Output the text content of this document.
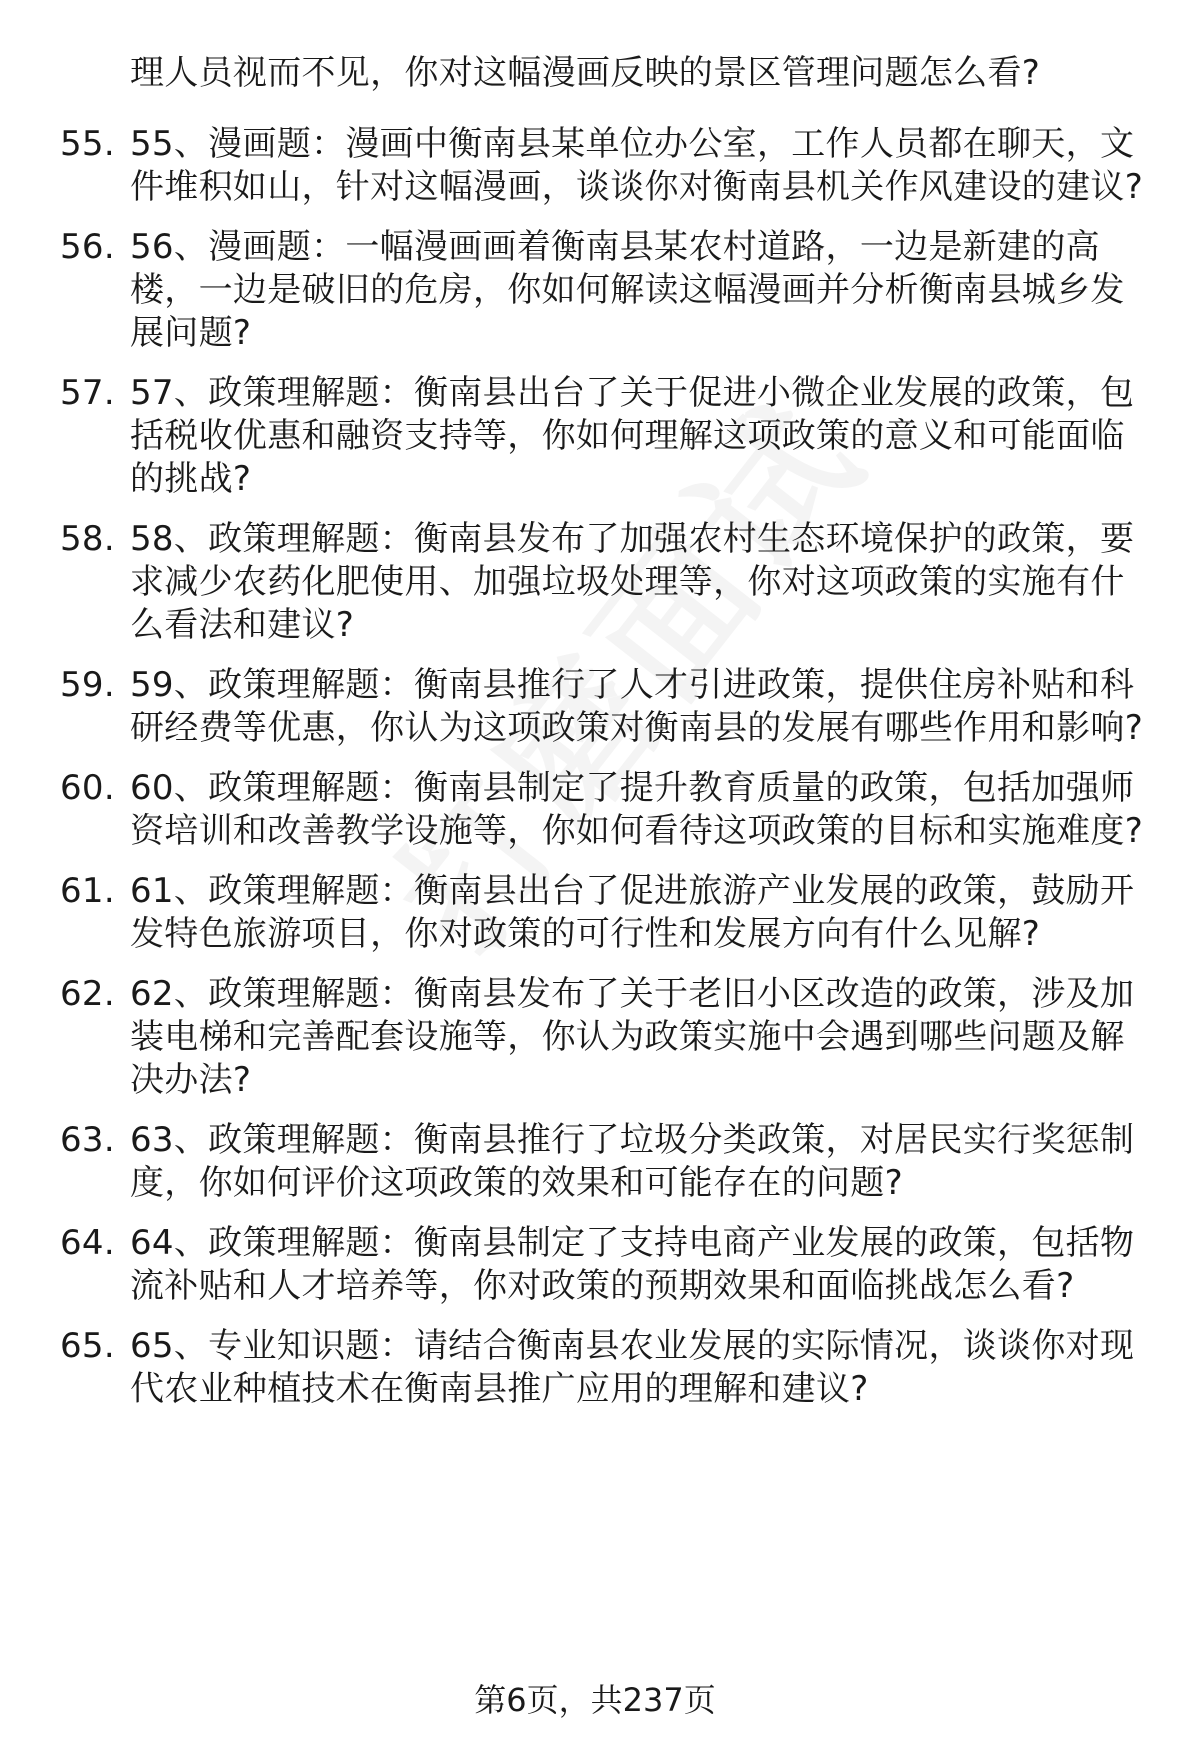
理人员视而不见，你对这幅漫画反映的景区管理问题怎么看?
55. 55、漫画题：漫画中衡南县某单位办公室，工作人员都在聊天，文件堆积如山，针对这幅漫画，谈谈你对衡南县机关作风建设的建议?
56. 56、漫画题：一幅漫画画着衡南县某农村道路，一边是新建的高楼，一边是破旧的危房，你如何解读这幅漫画并分析衡南县城乡发展问题?
57. 57、政策理解题：衡南县出台了关于促进小微企业发展的政策，包括税收优惠和融资支持等，你如何理解这项政策的意义和可能面临的挑战?
58. 58、政策理解题：衡南县发布了加强农村生态环境保护的政策，要求减少农药化肥使用、加强垃圾处理等，你对这项政策的实施有什么看法和建议?
59. 59、政策理解题：衡南县推行了人才引进政策，提供住房补贴和科研经费等优惠，你认为这项政策对衡南县的发展有哪些作用和影响?
60. 60、政策理解题：衡南县制定了提升教育质量的政策，包括加强师资培训和改善教学设施等，你如何看待这项政策的目标和实施难度?
61. 61、政策理解题：衡南县出台了促进旅游产业发展的政策，鼓励开发特色旅游项目，你对政策的可行性和发展方向有什么见解?
62. 62、政策理解题：衡南县发布了关于老旧小区改造的政策，涉及加装电梯和完善配套设施等，你认为政策实施中会遇到哪些问题及解决办法?
63. 63、政策理解题：衡南县推行了垃圾分类政策，对居民实行奖惩制度，你如何评价这项政策的效果和可能存在的问题?
64. 64、政策理解题：衡南县制定了支持电商产业发展的政策，包括物流补贴和人才培养等，你对政策的预期效果和面临挑战怎么看?
65. 65、专业知识题：请结合衡南县农业发展的实际情况，谈谈你对现代农业种植技术在衡南县推广应用的理解和建议?
第6页，共237页
